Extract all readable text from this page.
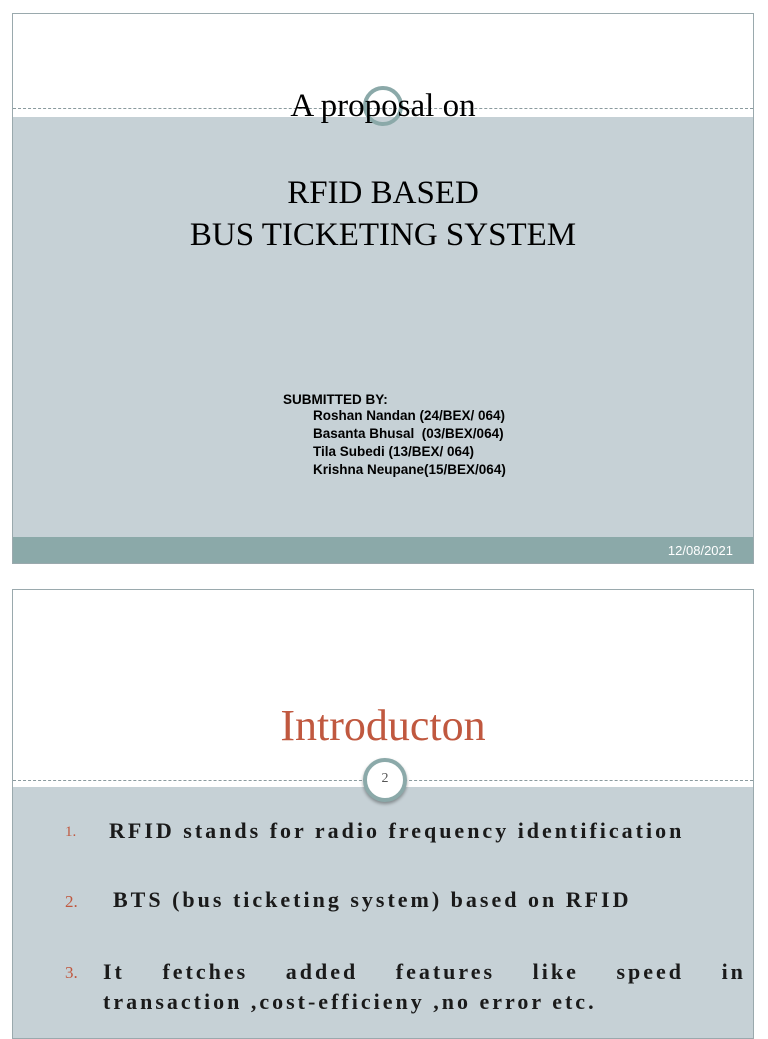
A proposal on
RFID BASED
BUS TICKETING SYSTEM
SUBMITTED BY:
Roshan Nandan (24/BEX/ 064)
Basanta Bhusal  (03/BEX/064)
Tila Subedi (13/BEX/ 064)
Krishna Neupane(15/BEX/064)
12/08/2021
Introducton
2
1. RFID stands for radio frequency identification
2. BTS (bus ticketing system) based on RFID
3. It fetches added features like speed in
transaction ,cost-efficieny ,no error etc.
